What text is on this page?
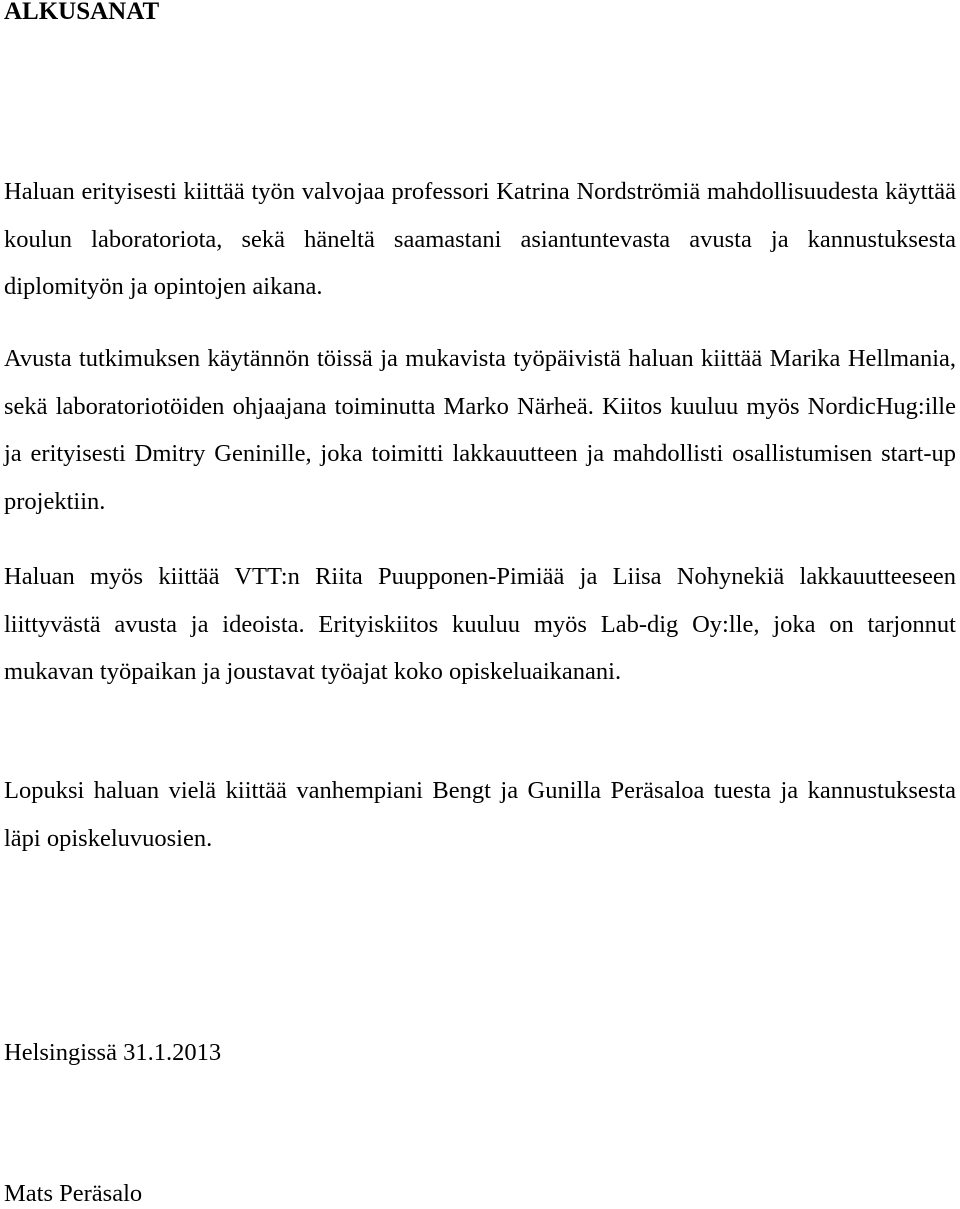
ALKUSANAT

Haluan erityisesti kiittää työn valvojaa professori Katrina Nordströmiä mahdollisuudesta käyttää koulun laboratoriota, sekä häneltä saamastani asiantuntevasta avusta ja kannustuksesta diplomityön ja opintojen aikana.

Avusta tutkimuksen käytännön töissä ja mukavista työpäivistä haluan kiittää Marika Hellmania, sekä laboratoriotöiden ohjaajana toiminutta Marko Närheä. Kiitos kuuluu myös NordicHug:ille ja erityisesti Dmitry Geninille, joka toimitti lakkauutteen ja mahdollisti osallistumisen start-up projektiin.

Haluan myös kiittää VTT:n Riita Puupponen-Pimiää ja Liisa Nohynekiä lakkauutteeseen liittyvästä avusta ja ideoista. Erityiskiitos kuuluu myös Lab-dig Oy:lle, joka on tarjonnut mukavan työpaikan ja joustavat työajat koko opiskeluaikanani.

Lopuksi haluan vielä kiittää vanhempiani Bengt ja Gunilla Peräsaloa tuesta ja kannustuksesta läpi opiskeluvuosien.

Helsingissä 31.1.2013

Mats Peräsalo
